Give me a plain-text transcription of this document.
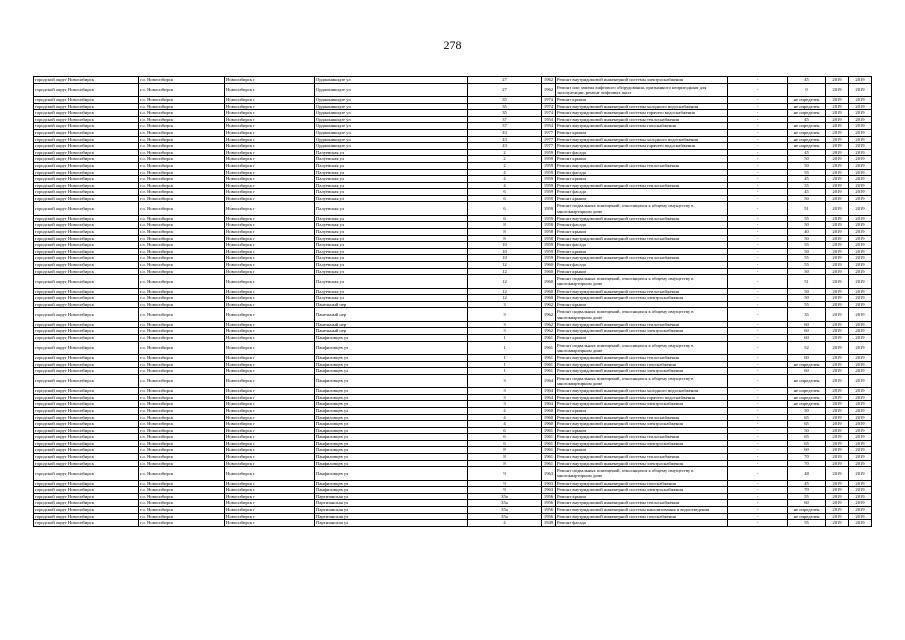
278
городской округ Новосибирск	г.о. Новосибирск	Новосибирск г	Орджоникидзе ул	27	1962	Ремонт внутридомовой инженерной системы электроснабжения	-	45	2019	2019
городской округ Новосибирск	г.о. Новосибирск	Новосибирск г	Орджоникидзе ул	27	1962	Ремонт или замена лифтового оборудования, признанного непригодным для эксплуатации, ремонт лифтовых шахт	-	0	2019	2019
городской округ Новосибирск	г.о. Новосибирск	Новосибирск г	Орджоникидзе ул	35	1974	Ремонт крыши	-	не определен	2019	2019
городской округ Новосибирск	г.о. Новосибирск	Новосибирск г	Орджоникидзе ул	35	1974	Ремонт внутридомовой инженерной системы холодного водоснабжения	-	не определен	2019	2019
городской округ Новосибирск	г.о. Новосибирск	Новосибирск г	Орджоникидзе ул	35	1974	Ремонт внутридомовой инженерной системы горячего водоснабжения	-	не определен	2019	2019
городской округ Новосибирск	г.о. Новосибирск	Новосибирск г	Орджоникидзе ул	37	1954	Ремонт внутридомовой инженерной системы теплоснабжения	-	45	2019	2019
городской округ Новосибирск	г.о. Новосибирск	Новосибирск г	Орджоникидзе ул	37	1954	Ремонт внутридомовой инженерной системы газоснабжения	-	не определен	2019	2019
городской округ Новосибирск	г.о. Новосибирск	Новосибирск г	Орджоникидзе ул	43	1977	Ремонт крыши	-	не определен	2019	2019
городской округ Новосибирск	г.о. Новосибирск	Новосибирск г	Орджоникидзе ул	43	1977	Ремонт внутридомовой инженерной системы холодного водоснабжения	-	не определен	2019	2019
городской округ Новосибирск	г.о. Новосибирск	Новосибирск г	Орджоникидзе ул	43	1977	Ремонт внутридомовой инженерной системы горячего водоснабжения	-	не определен	2019	2019
городской округ Новосибирск	г.о. Новосибирск	Новосибирск г	Палуевская ул	2	1959	Ремонт фасада	-	45	2019	2019
городской округ Новосибирск	г.о. Новосибирск	Новосибирск г	Палуевская ул	2	1959	Ремонт крыши	-	50	2019	2019
городской округ Новосибирск	г.о. Новосибирск	Новосибирск г	Палуевская ул	2	1959	Ремонт внутридомовой инженерной системы теплоснабжения	-	50	2019	2019
городской округ Новосибирск	г.о. Новосибирск	Новосибирск г	Палуевская ул	4	1959	Ремонт фасада	-	55	2019	2019
городской округ Новосибирск	г.о. Новосибирск	Новосибирск г	Палуевская ул	4	1959	Ремонт крыши	-	45	2019	2019
городской округ Новосибирск	г.о. Новосибирск	Новосибирск г	Палуевская ул	4	1959	Ремонт внутридомовой инженерной системы теплоснабжения	-	55	2019	2019
городской округ Новосибирск	г.о. Новосибирск	Новосибирск г	Палуевская ул	6	1959	Ремонт фасада	-	45	2019	2019
городской округ Новосибирск	г.о. Новосибирск	Новосибирск г	Палуевская ул	6	1959	Ремонт крыши	-	50	2019	2019
городской округ Новосибирск	г.о. Новосибирск	Новосибирск г	Палуевская ул	6	1959	Ремонт подвальных помещений, относящихся к общему имуществу в многоквартирном доме	-	51	2019	2019
городской округ Новосибирск	г.о. Новосибирск	Новосибирск г	Палуевская ул	6	1959	Ремонт внутридомовой инженерной системы теплоснабжения	-	55	2019	2019
городской округ Новосибирск	г.о. Новосибирск	Новосибирск г	Палуевская ул	8	1958	Ремонт фасада	-	50	2019	2019
городской округ Новосибирск	г.о. Новосибирск	Новосибирск г	Палуевская ул	8	1958	Ремонт крыши	-	40	2019	2019
городской округ Новосибирск	г.о. Новосибирск	Новосибирск г	Палуевская ул	8	1958	Ремонт внутридомовой инженерной системы теплоснабжения	-	50	2019	2019
городской округ Новосибирск	г.о. Новосибирск	Новосибирск г	Палуевская ул	10	1959	Ремонт фасада	-	55	2019	2019
городской округ Новосибирск	г.о. Новосибирск	Новосибирск г	Палуевская ул	10	1959	Ремонт крыши	-	50	2019	2019
городской округ Новосибирск	г.о. Новосибирск	Новосибирск г	Палуевская ул	10	1959	Ремонт внутридомовой инженерной системы теплоснабжения	-	55	2019	2019
городской округ Новосибирск	г.о. Новосибирск	Новосибирск г	Палуевская ул	12	1960	Ремонт фасада	-	55	2019	2019
городской округ Новосибирск	г.о. Новосибирск	Новосибирск г	Палуевская ул	12	1960	Ремонт крыши	-	50	2019	2019
городской округ Новосибирск	г.о. Новосибирск	Новосибирск г	Палуевская ул	12	1960	Ремонт подвальных помещений, относящихся к общему имуществу в многоквартирном доме	-	51	2019	2019
городской округ Новосибирск	г.о. Новосибирск	Новосибирск г	Палуевская ул	12	1960	Ремонт внутридомовой инженерной системы теплоснабжения	-	50	2019	2019
городской округ Новосибирск	г.о. Новосибирск	Новосибирск г	Палуевская ул	12	1960	Ремонт внутридомовой инженерной системы электроснабжения	-	50	2019	2019
городской округ Новосибирск	г.о. Новосибирск	Новосибирск г	Панельный пер	3	1962	Ремонт крыши	-	55	2019	2019
городской округ Новосибирск	г.о. Новосибирск	Новосибирск г	Панельный пер	3	1962	Ремонт подвальных помещений, относящихся к общему имуществу в многоквартирном доме	-	35	2019	2019
городской округ Новосибирск	г.о. Новосибирск	Новосибирск г	Панельный пер	3	1962	Ремонт внутридомовой инженерной системы теплоснабжения	-	60	2019	2019
городской округ Новосибирск	г.о. Новосибирск	Новосибирск г	Панельный пер	3	1962	Ремонт внутридомовой инженерной системы электроснабжения	-	60	2019	2019
городской округ Новосибирск	г.о. Новосибирск	Новосибирск г	Панфиловцев ул	1	1961	Ремонт крыши	-	60	2019	2019
городской округ Новосибирск	г.о. Новосибирск	Новосибирск г	Панфиловцев ул	1	1961	Ремонт подвальных помещений, относящихся к общему имуществу в многоквартирном доме	-	52	2019	2019
городской округ Новосибирск	г.о. Новосибирск	Новосибирск г	Панфиловцев ул	1	1961	Ремонт внутридомовой инженерной системы теплоснабжения	-	60	2019	2019
городской округ Новосибирск	г.о. Новосибирск	Новосибирск г	Панфиловцев ул	1	1961	Ремонт внутридомовой инженерной системы газоснабжения	-	не определен	2019	2019
городской округ Новосибирск	г.о. Новосибирск	Новосибирск г	Панфиловцев ул	1	1961	Ремонт внутридомовой инженерной системы электроснабжения	-	60	2019	2019
городской округ Новосибирск	г.о. Новосибирск	Новосибирск г	Панфиловцев ул	3	1964	Ремонт подвальных помещений, относящихся к общему имуществу в многоквартирном доме	-	не определен	2019	2019
городской округ Новосибирск	г.о. Новосибирск	Новосибирск г	Панфиловцев ул	3	1964	Ремонт внутридомовой инженерной системы холодного водоснабжения	-	не определен	2019	2019
городской округ Новосибирск	г.о. Новосибирск	Новосибирск г	Панфиловцев ул	3	1964	Ремонт внутридомовой инженерной системы горячего водоснабжения	-	не определен	2019	2019
городской округ Новосибирск	г.о. Новосибирск	Новосибирск г	Панфиловцев ул	3	1964	Ремонт внутридомовой инженерной системы электроснабжения	-	не определен	2019	2019
городской округ Новосибирск	г.о. Новосибирск	Новосибирск г	Панфиловцев ул	4	1960	Ремонт крыши	-	50	2019	2019
городской округ Новосибирск	г.о. Новосибирск	Новосибирск г	Панфиловцев ул	4	1960	Ремонт внутридомовой инженерной системы теплоснабжения	-	65	2019	2019
городской округ Новосибирск	г.о. Новосибирск	Новосибирск г	Панфиловцев ул	4	1960	Ремонт внутридомовой инженерной системы электроснабжения	-	65	2019	2019
городской округ Новосибирск	г.о. Новосибирск	Новосибирск г	Панфиловцев ул	6	1961	Ремонт крыши	-	50	2019	2019
городской округ Новосибирск	г.о. Новосибирск	Новосибирск г	Панфиловцев ул	6	1961	Ремонт внутридомовой инженерной системы теплоснабжения	-	65	2019	2019
городской округ Новосибирск	г.о. Новосибирск	Новосибирск г	Панфиловцев ул	6	1961	Ремонт внутридомовой инженерной системы электроснабжения	-	65	2019	2019
городской округ Новосибирск	г.о. Новосибирск	Новосибирск г	Панфиловцев ул	8	1961	Ремонт крыши	-	60	2019	2019
городской округ Новосибирск	г.о. Новосибирск	Новосибирск г	Панфиловцев ул	8	1961	Ремонт внутридомовой инженерной системы теплоснабжения	-	70	2019	2019
городской округ Новосибирск	г.о. Новосибирск	Новосибирск г	Панфиловцев ул	8	1961	Ремонт внутридомовой инженерной системы электроснабжения	-	70	2019	2019
городской округ Новосибирск	г.о. Новосибирск	Новосибирск г	Панфиловцев ул	9	1963	Ремонт подвальных помещений, относящихся к общему имуществу в многоквартирном доме	-	48	2019	2019
городской округ Новосибирск	г.о. Новосибирск	Новосибирск г	Панфиловцев ул	9	1963	Ремонт внутридомовой инженерной системы газоснабжения	-	45	2019	2019
городской округ Новосибирск	г.о. Новосибирск	Новосибирск г	Панфиловцев ул	9	1963	Ремонт внутридомовой инженерной системы электроснабжения	-	70	2019	2019
городской округ Новосибирск	г.о. Новосибирск	Новосибирск г	Партизанская ул	35а	1956	Ремонт крыши	-	55	2019	2019
городской округ Новосибирск	г.о. Новосибирск	Новосибирск г	Партизанская ул	35а	1956	Ремонт внутридомовой инженерной системы теплоснабжения	-	60	2019	2019
городской округ Новосибирск	г.о. Новосибирск	Новосибирск г	Партизанская ул	35а	1956	Ремонт внутридомовой инженерной системы канализования и водоотведения	-	не определен	2019	2019
городской округ Новосибирск	г.о. Новосибирск	Новосибирск г	Партизанская ул	35а	1956	Ремонт внутридомовой инженерной системы газоснабжения	-	не определен	2019	2019
городской округ Новосибирск	г.о. Новосибирск	Новосибирск г	Партизанская ул	4	1949	Ремонт фасада	-	55	2019	2019
